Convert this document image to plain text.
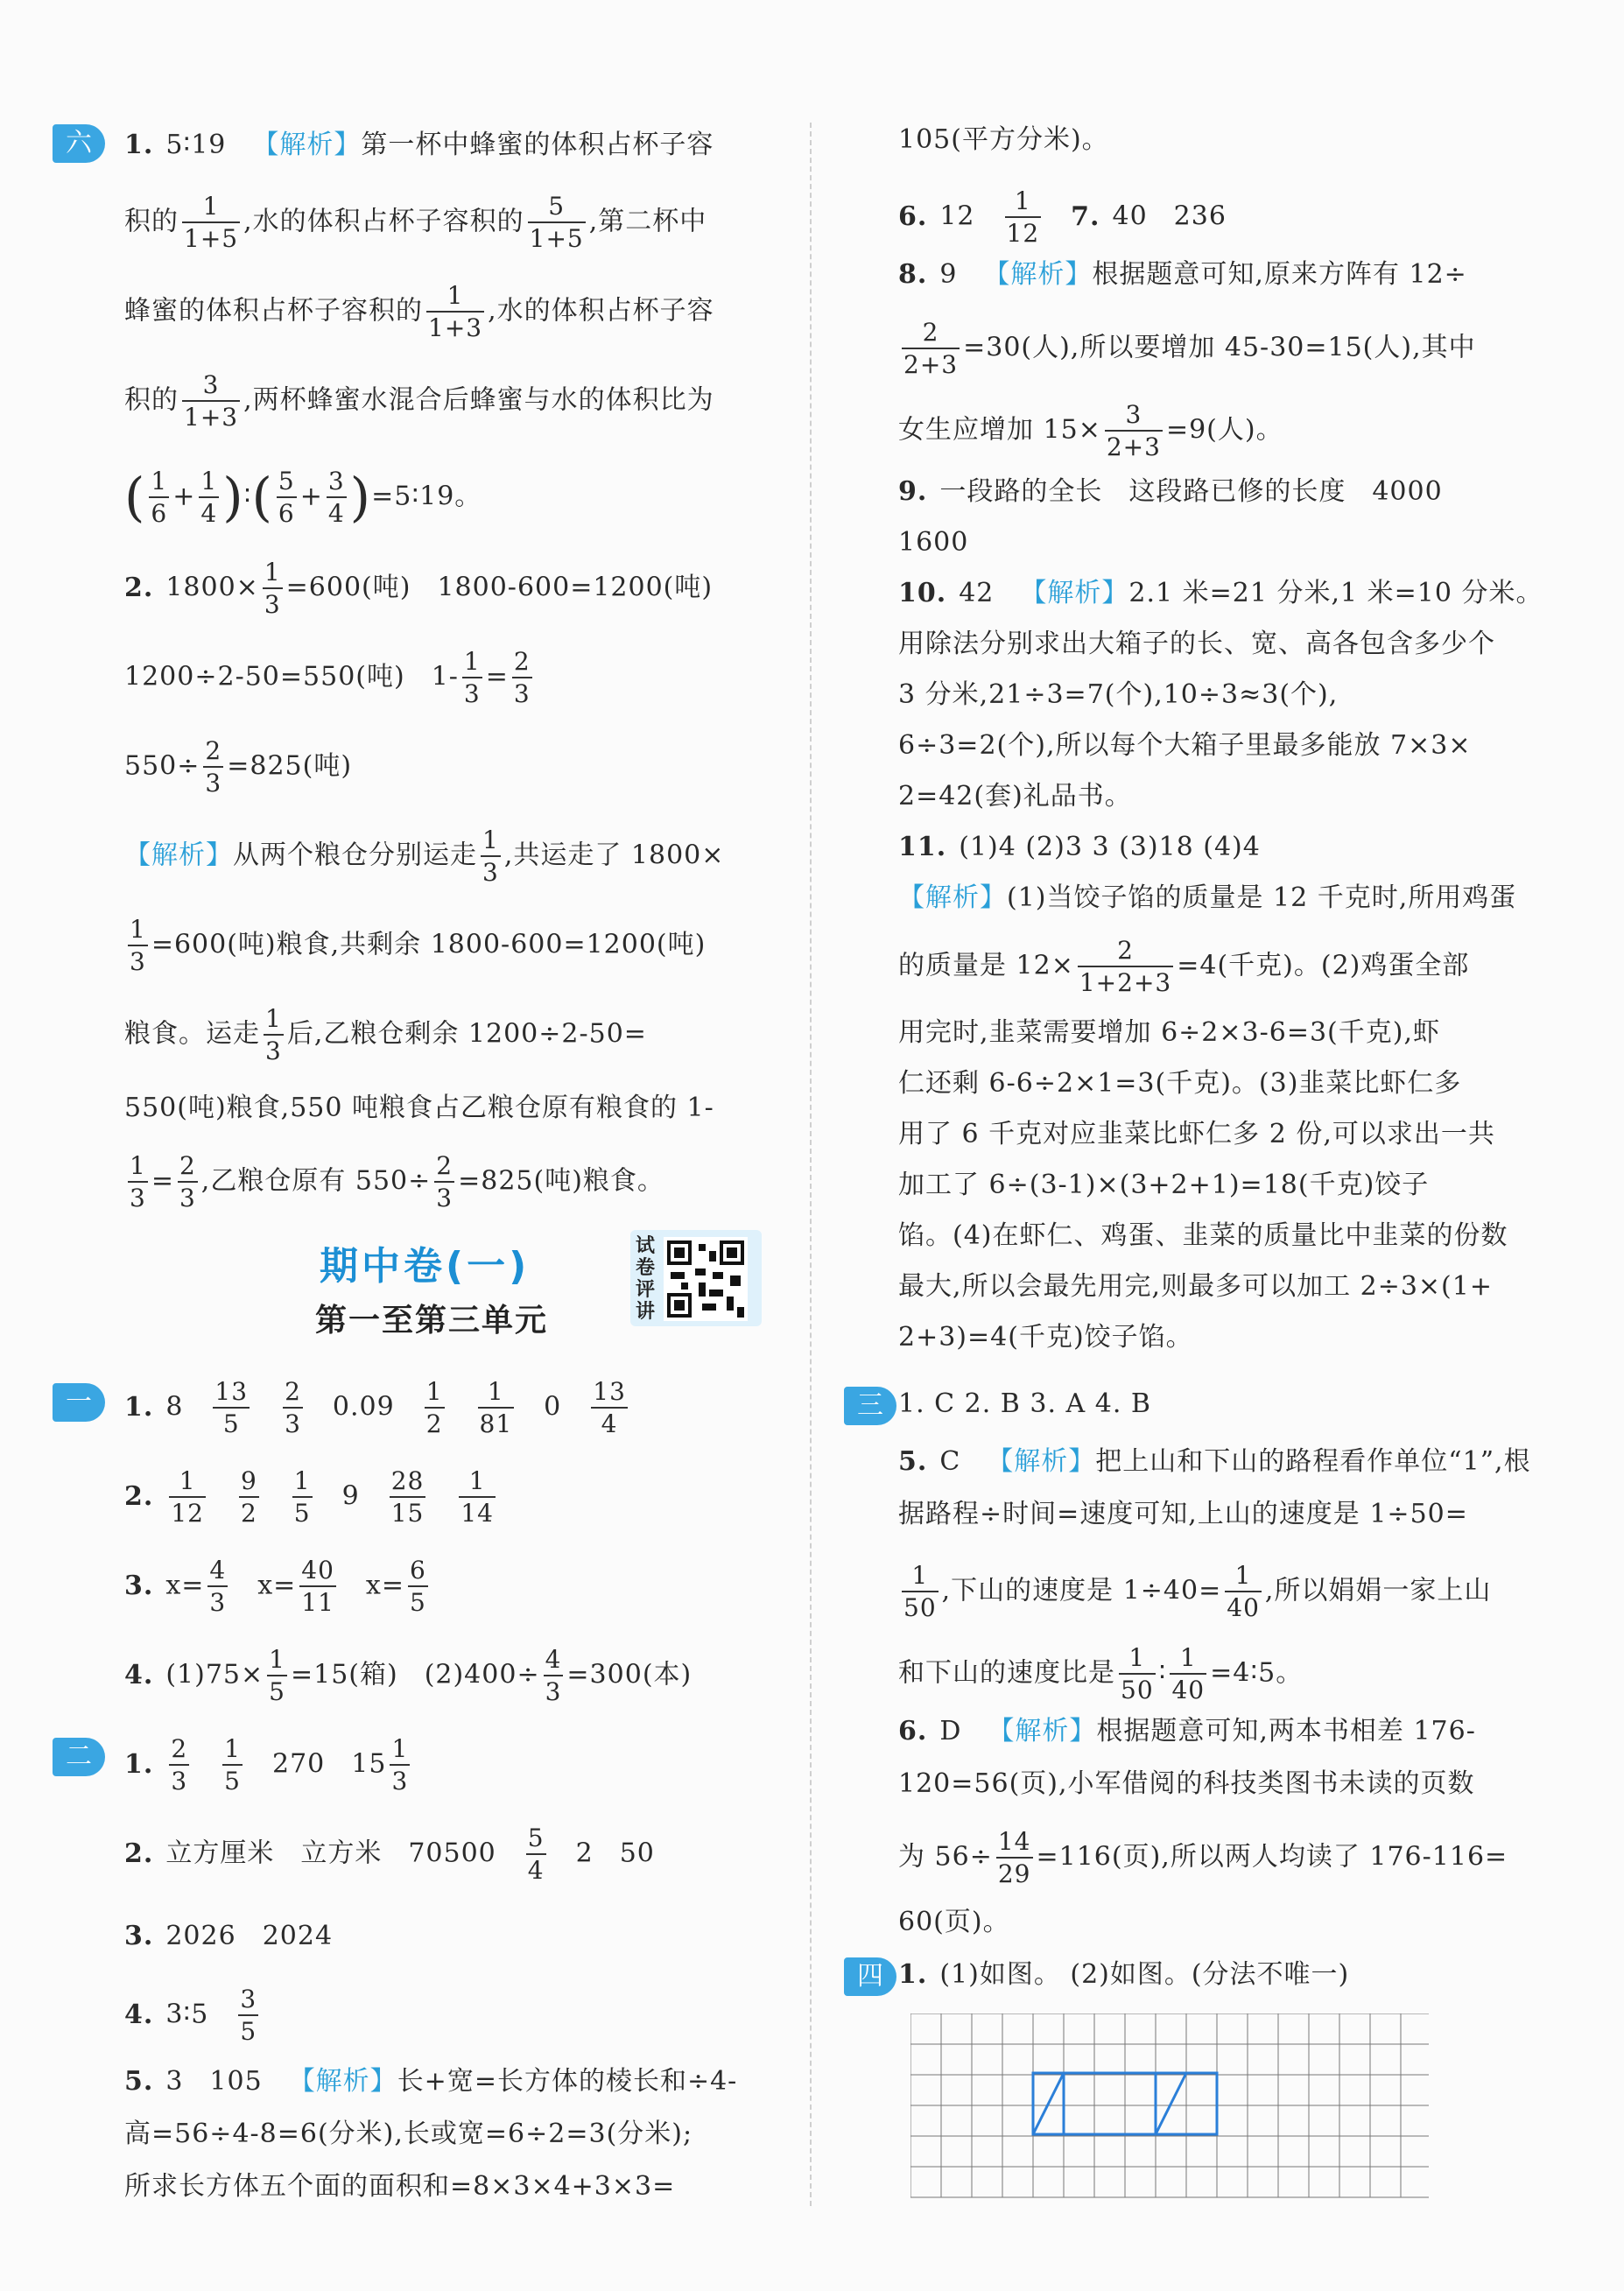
六	1. 5∶19 【解析】第一杯中蜂蜜的体积占杯子容
积的 $\frac{1}{1+5}$ ,水的体积占杯子容积的 $\frac{5}{1+5}$ ,第二杯中
蜂蜜的体积占杯子容积的 $\frac{1}{1+3}$ ,水的体积占杯子容
积的 $\frac{3}{1+3}$ ,两杯蜂蜜水混合后蜂蜜与水的体积比为
( $\frac{1}{6} + \frac{1}{4}$ )∶( $\frac{5}{6} + \frac{3}{4}$ )=5∶19。
2. $1800\times \frac{1}{3} =600$(吨) 1800-600=1200(吨)
1200÷2-50=550(吨) $1- \frac{1}{3} = \frac{2}{3}$
$550\div \frac{2}{3} =825$(吨)
【解析】从两个粮仓分别运走 $\frac{1}{3}$ ,共运走了 1800×
$\frac{1}{3} =600$(吨)粮食,共剩余 1800-600=1200(吨)
粮食。运走 $\frac{1}{3}$ 后,乙粮仓剩余 1200÷2-50=
550(吨)粮食,550 吨粮食占乙粮仓原有粮食的 1-
$\frac{1}{3} = \frac{2}{3}$ ,乙粮仓原有 $550\div \frac{2}{3} =825$(吨)粮食。
期中卷(一)
第一至第三单元
试卷评讲
一	1. $8 \frac{13}{5} \frac{2}{3} 0.09 \frac{1}{2} \frac{1}{81} 0 \frac{13}{4}$
2. $\frac{1}{12} \frac{9}{2} \frac{1}{5} 9 \frac{28}{15} \frac{1}{14}$
3. $x= \frac{4}{3} x= \frac{40}{11} x= \frac{6}{5}$
4. $(1)75\times \frac{1}{5} =15$(箱) $(2)400\div \frac{4}{3} =300$(本)
二	1. $\frac{2}{3} \frac{1}{5} 270$ $15 \frac{1}{3}$
2. 立方厘米 立方米 $70500 \frac{5}{4} 2$ 50
3. 2026 2024
4. 3∶5 $\frac{3}{5}$
5. 3 105 【解析】长+宽=长方体的棱长和÷4-
高=56÷4-8=6(分米),长或宽=6÷2=3(分米);
所求长方体五个面的面积和=8×3×4+3×3=
105(平方分米)。
6. $12 \frac{1}{12} 7$. 40 236
8. 9 【解析】根据题意可知,原来方阵有 12÷
$\frac{2}{2+3} =30$(人),所以要增加 45-30=15(人),其中
女生应增加 $15\times \frac{3}{2+3} =9$(人)。
9. 一段路的全长 这段路已修的长度 4000
1600
10. 42 【解析】2.1 米=21 分米,1 米=10 分米。
用除法分别求出大箱子的长、宽、高各包含多少个
3 分米,21÷3=7(个),10÷3≈3(个),
6÷3=2(个),所以每个大箱子里最多能放 7×3×
2=42(套)礼品书。
11. (1)4 (2)3 3 (3)18 (4)4
【解析】(1)当饺子馅的质量是 12 千克时,所用鸡蛋
的质量是 $12\times \frac{2}{1+2+3} =4$(千克)。(2)鸡蛋全部
用完时,韭菜需要增加 6÷2×3-6=3(千克),虾
仁还剩 6-6÷2×1=3(千克)。(3)韭菜比虾仁多
用了 6 千克对应韭菜比虾仁多 2 份,可以求出一共
加工了 6÷(3-1)×(3+2+1)=18(千克)饺子
馅。(4)在虾仁、鸡蛋、韭菜的质量比中韭菜的份数
最大,所以会最先用完,则最多可以加工 2÷3×(1+
2+3)=4(千克)饺子馅。
三 1. C 2. B 3. A 4. B
5. C 【解析】把上山和下山的路程看作单位“1”,根
据路程÷时间=速度可知,上山的速度是 1÷50=
$\frac{1}{50}$ ,下山的速度是 $1\div 40= \frac{1}{40}$ ,所以娟娟一家上山
和下山的速度比是 $\frac{1}{50}$ ∶ $\frac{1}{40}$ =4∶5。
6. D 【解析】根据题意可知,两本书相差 176-
120=56(页),小军借阅的科技类图书未读的页数
为 $56\div \frac{14}{29} =116$(页),所以两人均读了 176-116=
60(页)。
四 1. (1)如图。 (2)如图。(分法不唯一)
